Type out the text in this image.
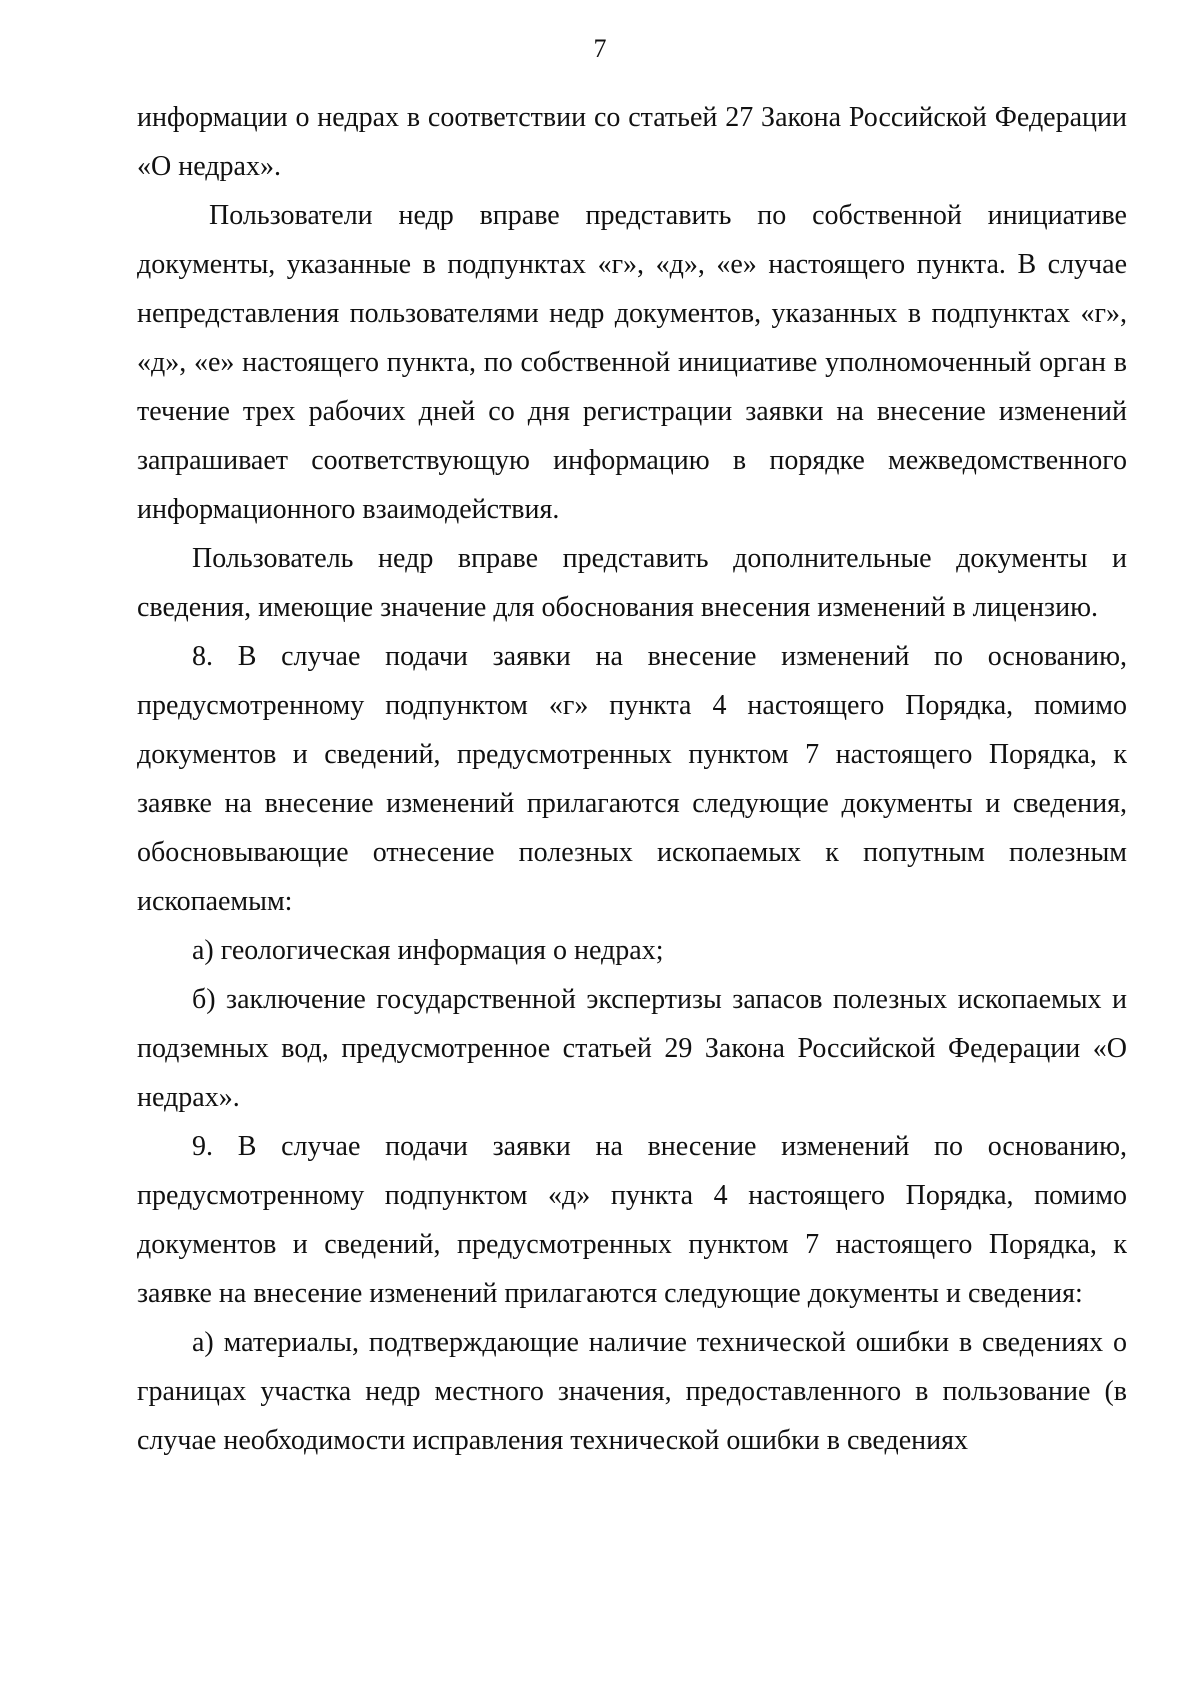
7

информации о недрах в соответствии со статьей 27 Закона Российской Федерации «О недрах».

Пользователи недр вправе представить по собственной инициативе документы, указанные в подпунктах «г», «д», «е» настоящего пункта. В случае непредставления пользователями недр документов, указанных в подпунктах «г», «д», «е» настоящего пункта, по собственной инициативе уполномоченный орган в течение трех рабочих дней со дня регистрации заявки на внесение изменений запрашивает соответствующую информацию в порядке межведомственного информационного взаимодействия.

Пользователь недр вправе представить дополнительные документы и сведения, имеющие значение для обоснования внесения изменений в лицензию.

8. В случае подачи заявки на внесение изменений по основанию, предусмотренному подпунктом «г» пункта 4 настоящего Порядка, помимо документов и сведений, предусмотренных пунктом 7 настоящего Порядка, к заявке на внесение изменений прилагаются следующие документы и сведения, обосновывающие отнесение полезных ископаемых к попутным полезным ископаемым:

а) геологическая информация о недрах;

б) заключение государственной экспертизы запасов полезных ископаемых и подземных вод, предусмотренное статьей 29 Закона Российской Федерации «О недрах».

9. В случае подачи заявки на внесение изменений по основанию, предусмотренному подпунктом «д» пункта 4 настоящего Порядка, помимо документов и сведений, предусмотренных пунктом 7 настоящего Порядка, к заявке на внесение изменений прилагаются следующие документы и сведения:

а) материалы, подтверждающие наличие технической ошибки в сведениях о границах участка недр местного значения, предоставленного в пользование (в случае необходимости исправления технической ошибки в сведениях
